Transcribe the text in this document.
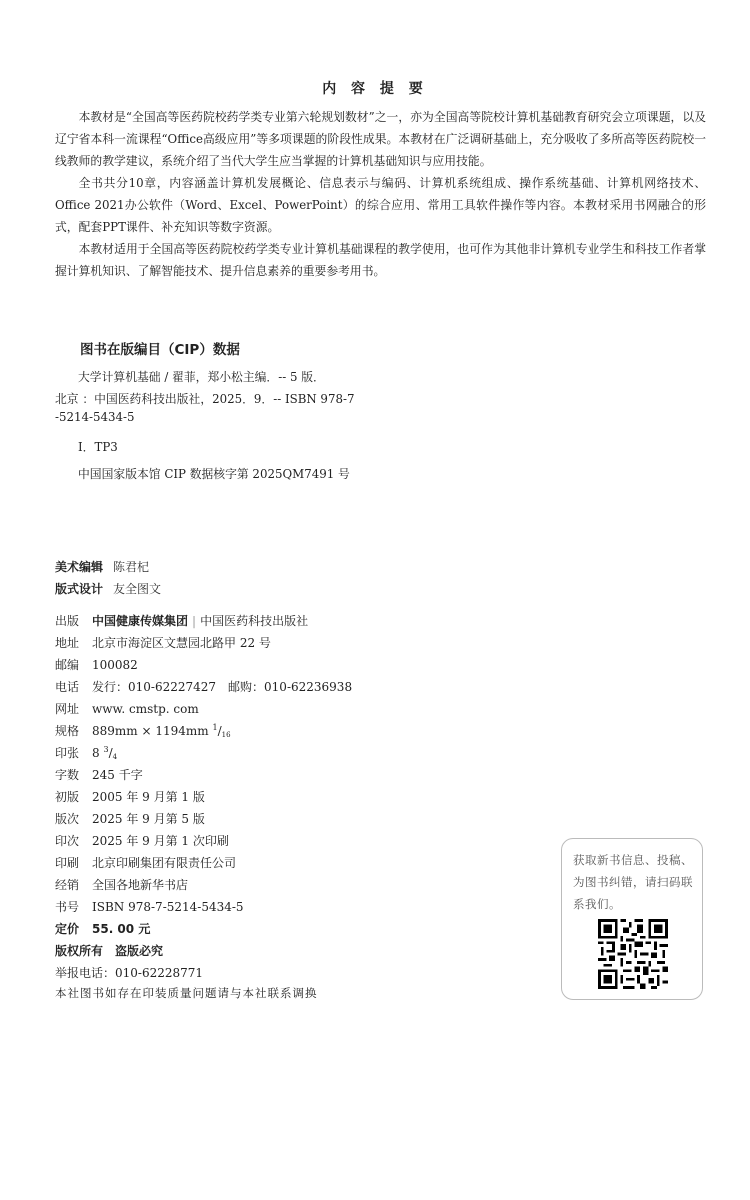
内 容 提 要

本教材是“全国高等医药院校药学类专业第六轮规划数材”之一，亦为全国高等院校计算机基础教育研究会立项课题，以及辽宁省本科一流课程“Office高级应用”等多项课题的阶段性成果。本教材在广泛调研基础上，充分吸收了多所高等医药院校一线教师的教学建议，系统介绍了当代大学生应当掌握的计算机基础知识与应用技能。

全书共分10章，内容涵盖计算机发展概论、信息表示与编码、计算机系统组成、操作系统基础、计算机网络技术、Office 2021办公软件（Word、Excel、PowerPoint）的综合应用、常用工具软件操作等内容。本教材采用书网融合的形式，配套PPT课件、补充知识等数字资源。

本教材适用于全国高等医药院校药学类专业计算机基础课程的教学使用，也可作为其他非计算机专业学生和科技工作者掌握计算机知识、了解智能技术、提升信息素养的重要参考用书。

图书在版编目（CIP）数据
大学计算机基础 / 翟菲，郑小松主编．-- 5 版．
北京 ：中国医药科技出版社，2025．9．-- ISBN 978-7
-5214-5434-5
Ⅰ．TP3
中国国家版本馆 CIP 数据核字第 2025QM7491 号
美术编辑 陈君杞
版式设计 友全图文
出版 中国健康传媒集团 | 中国医药科技出版社
地址 北京市海淀区文慧园北路甲 22 号
邮编 100082
电话 发行：010-62227427　邮购：010-62236938
网址 www. cmstp. com
规格 889mm × 1194mm $^1$/16
印张 8 $^3$/4
字数 245 千字
初版 2005 年 9 月第 1 版
版次 2025 年 9 月第 5 版
印次 2025 年 9 月第 1 次印刷
印刷 北京印刷集团有限责任公司
经销 全国各地新华书店
书号 ISBN 978-7-5214-5434-5
定价 55. 00 元
版权所有 盗版必究
举报电话：010-62228771
本社图书如存在印装质量问题请与本社联系调换
获取新书信息、投稿、为图书纠错，请扫码联系我们。
